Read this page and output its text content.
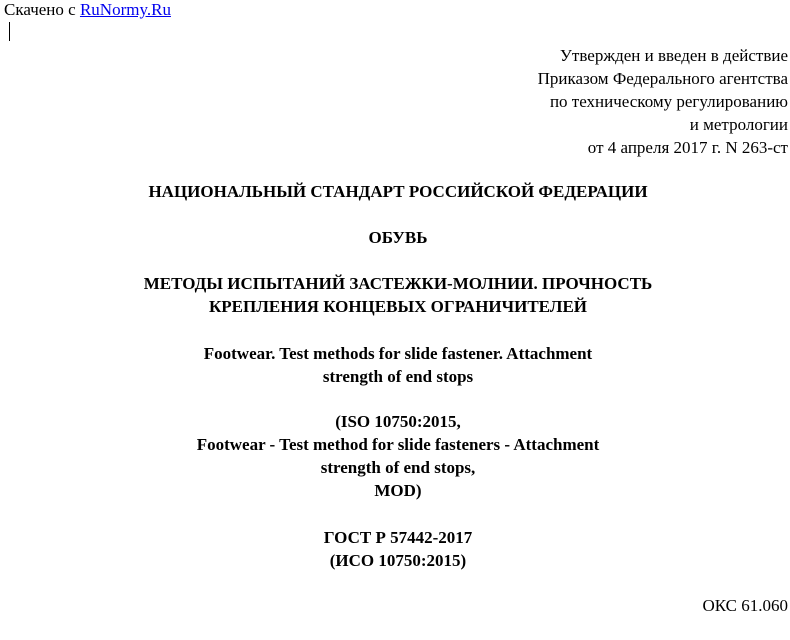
Скачено с RuNormy.Ru
Утвержден и введен в действие
Приказом Федерального агентства
по техническому регулированию
и метрологии
от 4 апреля 2017 г. N 263-ст
НАЦИОНАЛЬНЫЙ СТАНДАРТ РОССИЙСКОЙ ФЕДЕРАЦИИ
ОБУВЬ
МЕТОДЫ ИСПЫТАНИЙ ЗАСТЕЖКИ-МОЛНИИ. ПРОЧНОСТЬ
КРЕПЛЕНИЯ КОНЦЕВЫХ ОГРАНИЧИТЕЛЕЙ
Footwear. Test methods for slide fastener. Attachment
strength of end stops
(ISO 10750:2015,
Footwear - Test method for slide fasteners - Attachment
strength of end stops,
MOD)
ГОСТ Р 57442-2017
(ИСО 10750:2015)
ОКС 61.060
